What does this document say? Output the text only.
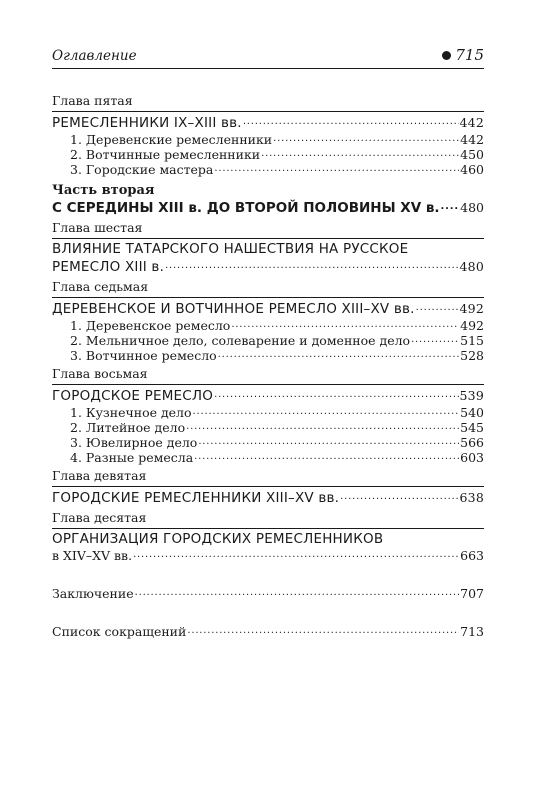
Оглавление	715
Глава пятая
РЕМЕСЛЕННИКИ IX–XIII вв. .....	442
1. Деревенские ремесленники .....	442
2. Вотчинные ремесленники .....	450
3. Городские мастера .....	460
Часть вторая
С СЕРЕДИНЫ XIII в. ДО ВТОРОЙ ПОЛОВИНЫ XV в. ..... 480
Глава шестая
ВЛИЯНИЕ ТАТАРСКОГО НАШЕСТВИЯ НА РУССКОЕ
РЕМЕСЛО XIII в. .....	480
Глава седьмая
ДЕРЕВЕНСКОЕ И ВОТЧИННОЕ РЕМЕСЛО XIII–XV вв. .....	492
1. Деревенское ремесло .....	492
2. Мельничное дело, солеварение и доменное дело .....	515
3. Вотчинное ремесло .....	528
Глава восьмая
ГОРОДСКОЕ РЕМЕСЛО .....	539
1. Кузнечное дело .....	540
2. Литейное дело .....	545
3. Ювелирное дело .....	566
4. Разные ремесла .....	603
Глава девятая
ГОРОДСКИЕ РЕМЕСЛЕННИКИ XIII–XV вв. .....	638
Глава десятая
ОРГАНИЗАЦИЯ ГОРОДСКИХ РЕМЕСЛЕННИКОВ
в XIV–XV вв. .....	663
Заключение .....	707
Список сокращений .....	713
